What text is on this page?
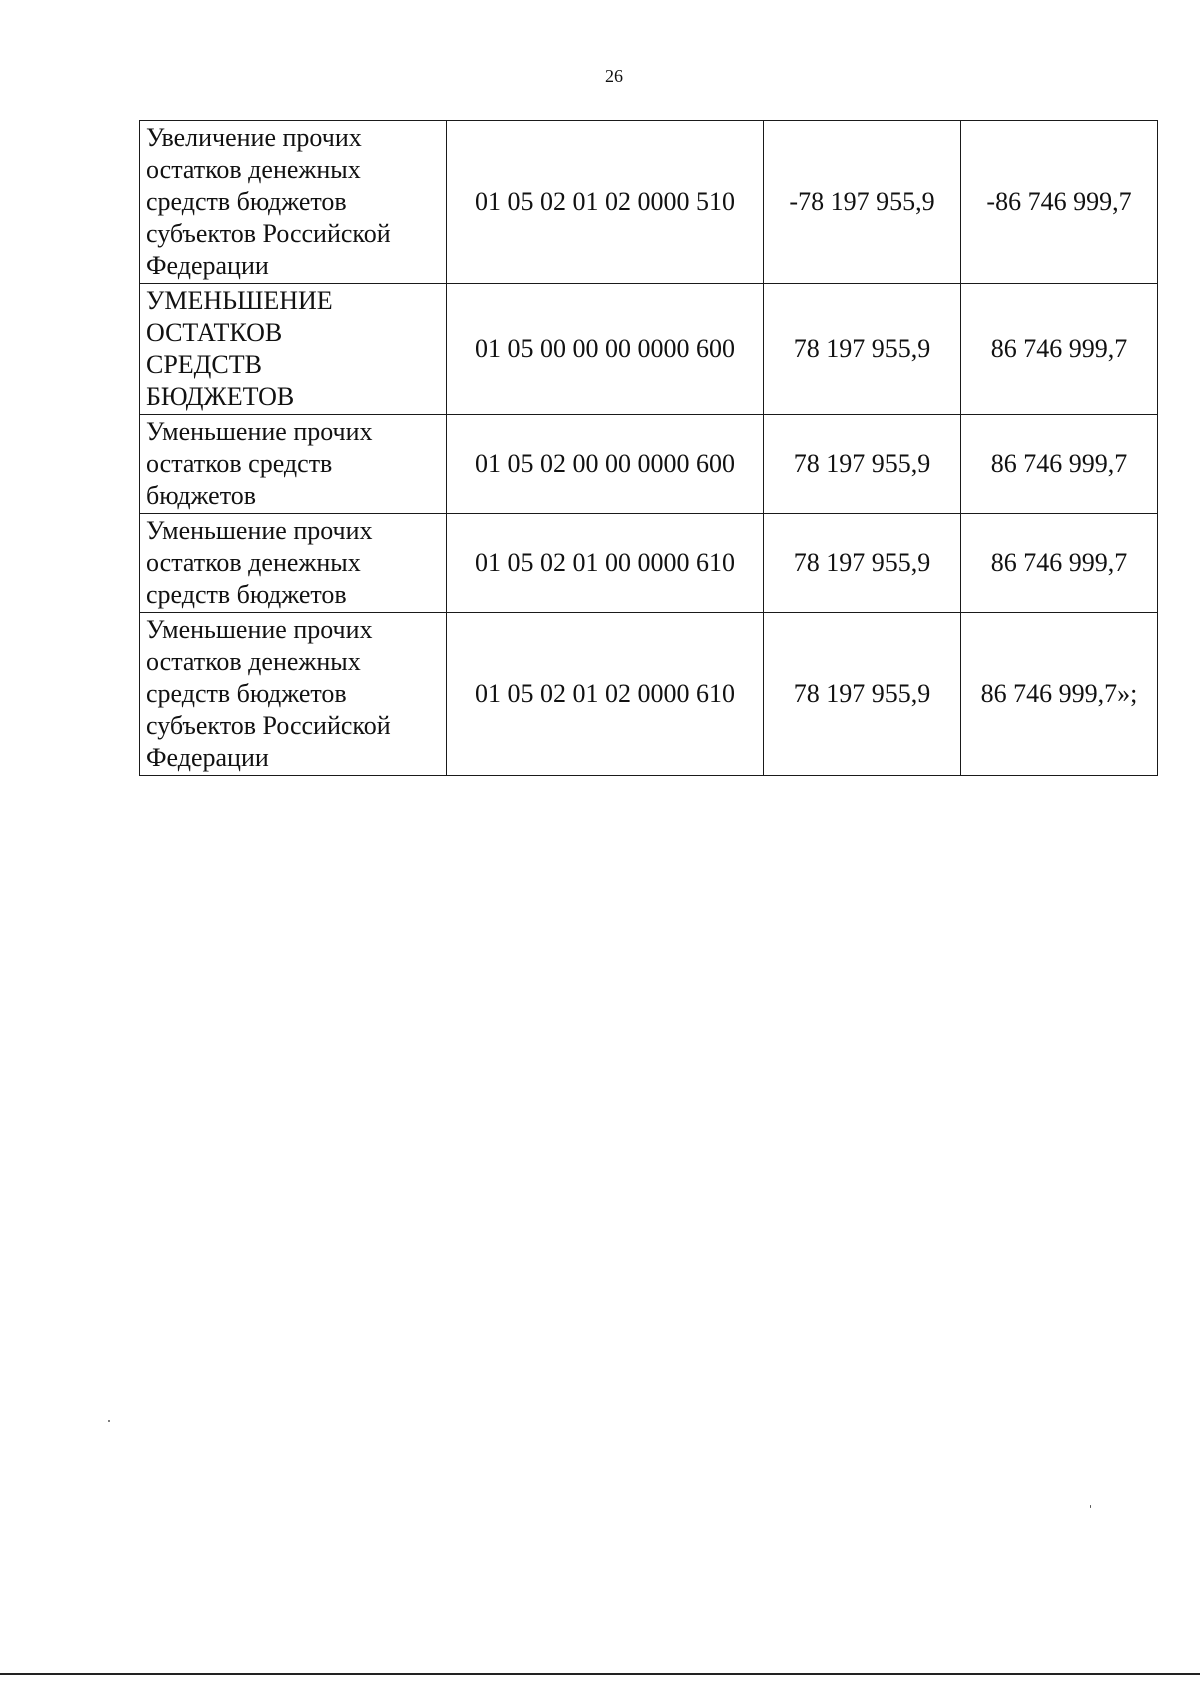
26
Увеличение прочих
остатков денежных
средств бюджетов
субъектов Российской
Федерации	01 05 02 01 02 0000 510	-78 197 955,9	-86 746 999,7

УМЕНЬШЕНИЕ
ОСТАТКОВ
СРЕДСТВ
БЮДЖЕТОВ	01 05 00 00 00 0000 600	78 197 955,9	86 746 999,7

Уменьшение прочих
остатков средств
бюджетов	01 05 02 00 00 0000 600	78 197 955,9	86 746 999,7

Уменьшение прочих
остатков денежных
средств бюджетов	01 05 02 01 00 0000 610	78 197 955,9	86 746 999,7

Уменьшение прочих
остатков денежных
средств бюджетов
субъектов Российской
Федерации	01 05 02 01 02 0000 610	78 197 955,9	86 746 999,7»;
